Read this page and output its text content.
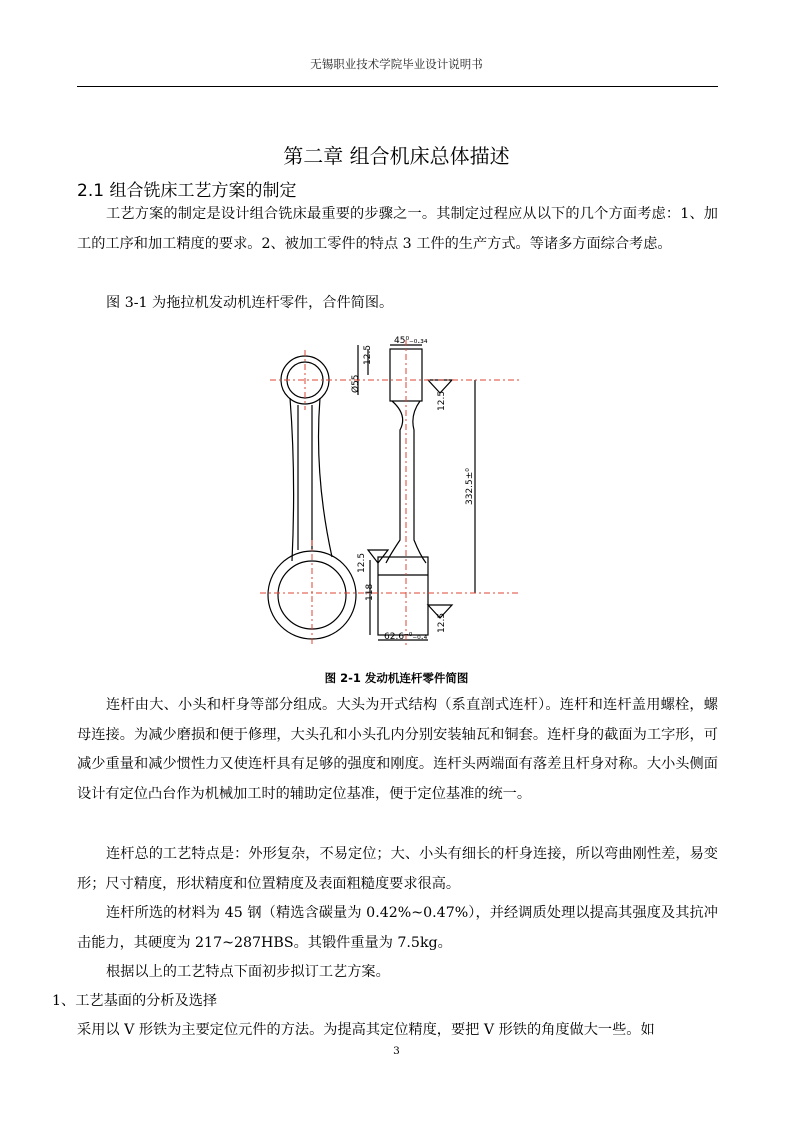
无锡职业技术学院毕业设计说明书
第二章 组合机床总体描述
2.1 组合铣床工艺方案的制定

工艺方案的制定是设计组合铣床最重要的步骤之一。其制定过程应从以下的几个方面考虑：1、加工的工序和加工精度的要求。2、被加工零件的特点 3 工件的生产方式。等诸多方面综合考虑。

图 3-1 为拖拉机发动机连杆零件，合件简图。

45⁰₋₀.₃₄
12.5
Ø55
12.5
332.5±⁰
12.5
118
12.5
62.6⁻⁰₋₀.₄
图 2-1 发动机连杆零件简图

连杆由大、小头和杆身等部分组成。大头为开式结构（系直剖式连杆）。连杆和连杆盖用螺栓，螺母连接。为减少磨损和便于修理，大头孔和小头孔内分别安装轴瓦和铜套。连杆身的截面为工字形，可减少重量和减少惯性力又使连杆具有足够的强度和刚度。连杆头两端面有落差且杆身对称。大小头侧面设计有定位凸台作为机械加工时的辅助定位基准，便于定位基准的统一。

连杆总的工艺特点是：外形复杂，不易定位；大、小头有细长的杆身连接，所以弯曲刚性差，易变形；尺寸精度，形状精度和位置精度及表面粗糙度要求很高。

连杆所选的材料为 45 钢（精选含碳量为 0.42%~0.47%），并经调质处理以提高其强度及其抗冲击能力，其硬度为 217~287HBS。其锻件重量为 7.5kg。

根据以上的工艺特点下面初步拟订工艺方案。

1、工艺基面的分析及选择

采用以 V 形铁为主要定位元件的方法。为提高其定位精度，要把 V 形铁的角度做大一些。如

3
